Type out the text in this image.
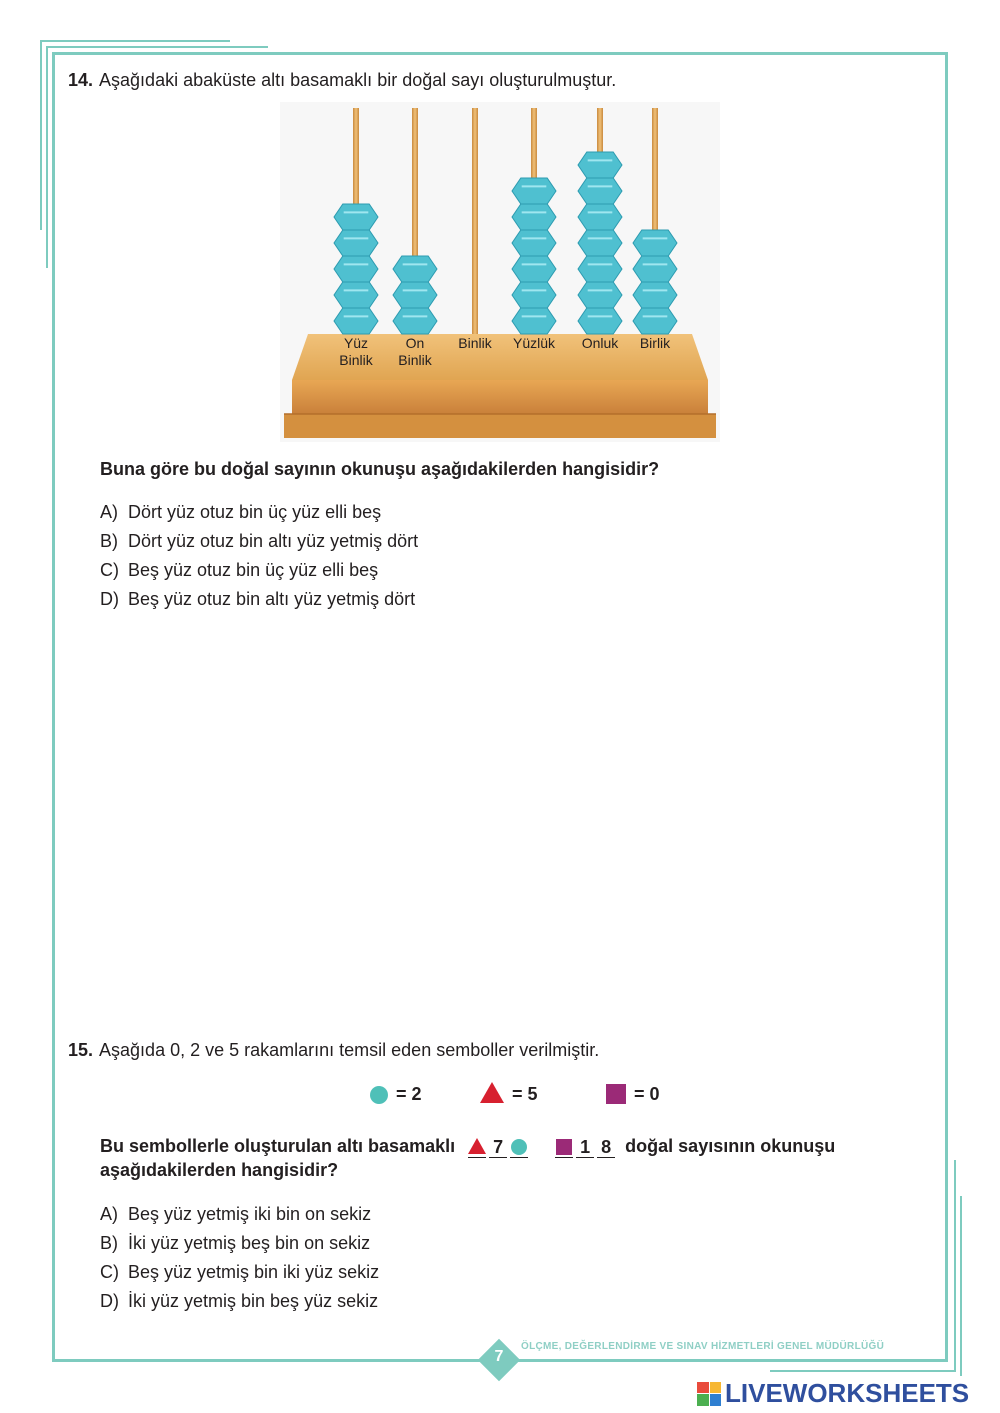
14. Aşağıdaki abaküste altı basamaklı bir doğal sayı oluşturulmuştur.
Yüz
Binlik
On
Binlik
Binlik Yüzlük Onluk Birlik
Buna göre bu doğal sayının okunuşu aşağıdakilerden hangisidir?
A) Dört yüz otuz bin üç yüz elli beş
B) Dört yüz otuz bin altı yüz yetmiş dört
C) Beş yüz otuz bin üç yüz elli beş
D) Beş yüz otuz bin altı yüz yetmiş dört
15. Aşağıda 0, 2 ve 5 rakamlarını temsil eden semboller verilmiştir.
= 2	= 5	= 0
Bu sembollerle oluşturulan altı basamaklı 7	1 8 doğal sayısının okunuşu
aşağıdakilerden hangisidir?
A) Beş yüz yetmiş iki bin on sekiz
B) İki yüz yetmiş beş bin on sekiz
C) Beş yüz yetmiş bin iki yüz sekiz
D) İki yüz yetmiş bin beş yüz sekiz
7
ÖLÇME, DEĞERLENDİRME VE SINAV HİZMETLERİ GENEL MÜDÜRLÜĞÜ
LIVEWORKSHEETS
